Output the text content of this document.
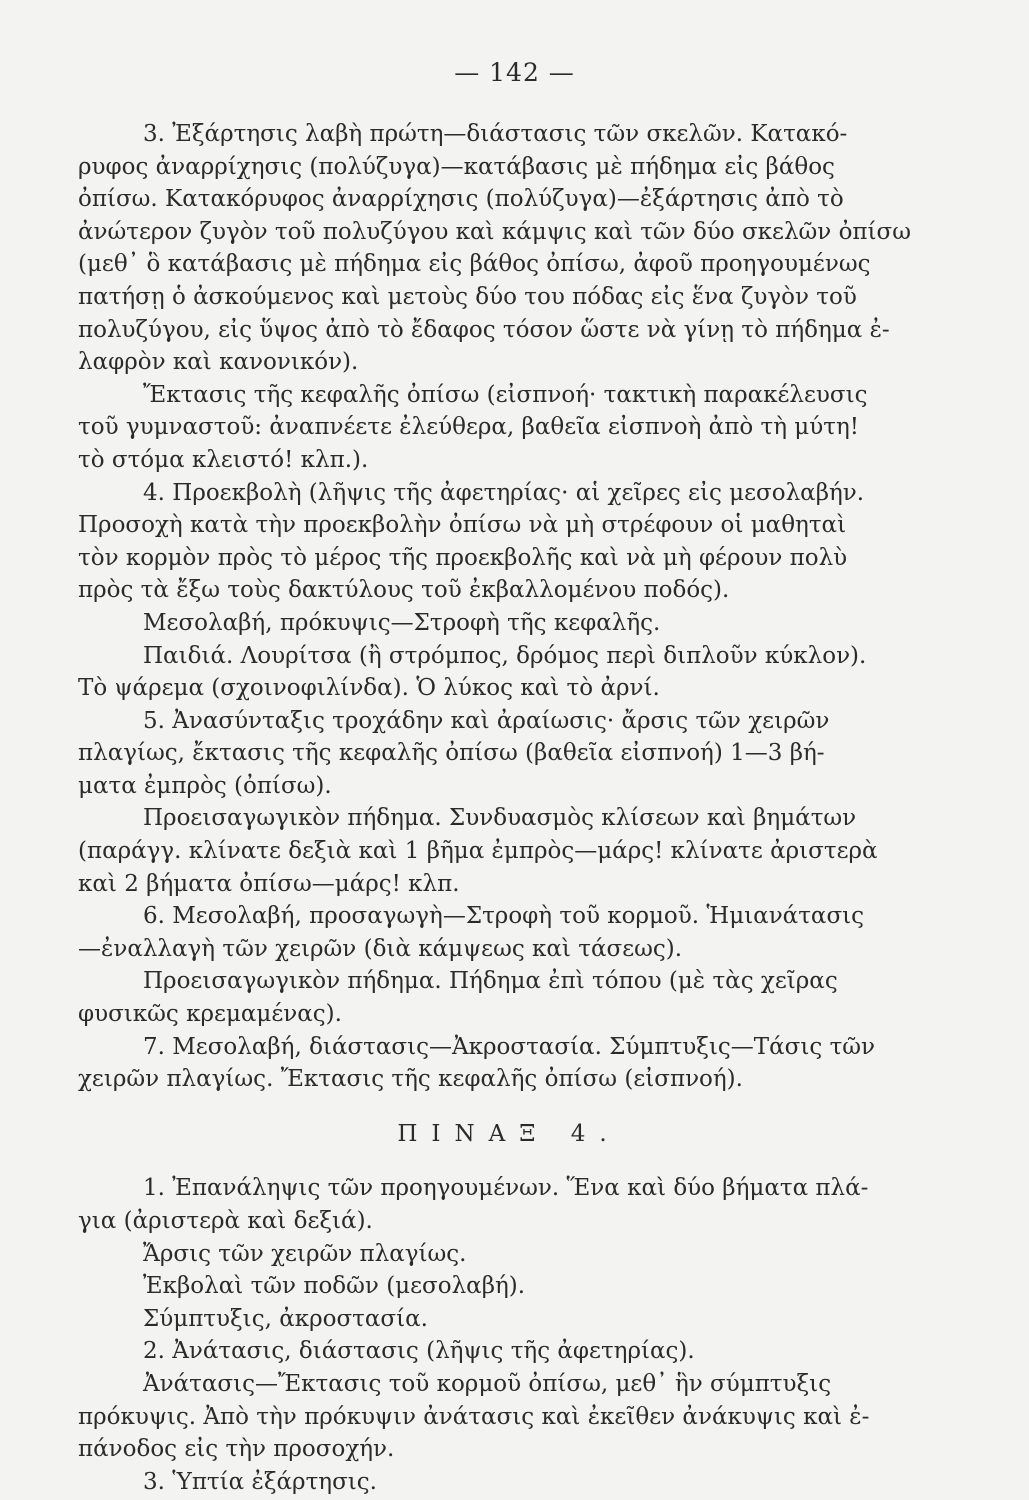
— 142 —

3. Ἐξάρτησις λαβὴ πρώτη—διάστασις τῶν σκελῶν. Κατακό-

ρυφος ἀναρρίχησις (πολύζυγα)—κατάβασις μὲ πήδημα εἰς βάθος

ὀπίσω. Κατακόρυφος ἀναρρίχησις (πολύζυγα)—ἐξάρτησις ἀπὸ τὸ

ἀνώτερον ζυγὸν τοῦ πολυζύγου καὶ κάμψις καὶ τῶν δύο σκελῶν ὀπίσω

(μεθ᾽ ὃ κατάβασις μὲ πήδημα εἰς βάθος ὀπίσω, ἀφοῦ προηγουμένως

πατήσῃ ὁ ἀσκούμενος καὶ μετοὺς δύο του πόδας εἰς ἕνα ζυγὸν τοῦ

πολυζύγου, εἰς ὕψος ἀπὸ τὸ ἔδαφος τόσον ὥστε νὰ γίνῃ τὸ πήδημα ἐ-

λαφρὸν καὶ κανονικόν).

Ἔκτασις τῆς κεφαλῆς ὀπίσω (εἰσπνοή· τακτικὴ παρακέλευσις

τοῦ γυμναστοῦ: ἀναπνέετε ἐλεύθερα, βαθεῖα εἰσπνοὴ ἀπὸ τὴ μύτη!

τὸ στόμα κλειστό! κλπ.).

4. Προεκβολὴ (λῆψις τῆς ἀφετηρίας· αἱ χεῖρες εἰς μεσολαβήν.

Προσοχὴ κατὰ τὴν προεκβολὴν ὀπίσω νὰ μὴ στρέφουν οἱ μαθηταὶ

τὸν κορμὸν πρὸς τὸ μέρος τῆς προεκβολῆς καὶ νὰ μὴ φέρουν πολὺ

πρὸς τὰ ἔξω τοὺς δακτύλους τοῦ ἐκβαλλομένου ποδός).

Μεσολαβή, πρόκυψις—Στροφὴ τῆς κεφαλῆς.

Παιδιά. Λουρίτσα (ἢ στρόμπος, δρόμος περὶ διπλοῦν κύκλον).

Τὸ ψάρεμα (σχοινοφιλίνδα). Ὁ λύκος καὶ τὸ ἀρνί.

5. Ἀνασύνταξις τροχάδην καὶ ἀραίωσις· ἄρσις τῶν χειρῶν

πλαγίως, ἔκτασις τῆς κεφαλῆς ὀπίσω (βαθεῖα εἰσπνοή) 1—3 βή-

ματα ἐμπρὸς (ὀπίσω).

Προεισαγωγικὸν πήδημα. Συνδυασμὸς κλίσεων καὶ βημάτων

(παράγγ. κλίνατε δεξιὰ καὶ 1 βῆμα ἐμπρὸς—μάρς! κλίνατε ἀριστερὰ

καὶ 2 βήματα ὀπίσω—μάρς! κλπ.

6. Μεσολαβή, προσαγωγὴ—Στροφὴ τοῦ κορμοῦ. Ἡμιανάτασις

—ἐναλλαγὴ τῶν χειρῶν (διὰ κάμψεως καὶ τάσεως).

Προεισαγωγικὸν πήδημα. Πήδημα ἐπὶ τόπου (μὲ τὰς χεῖρας

φυσικῶς κρεμαμένας).

7. Μεσολαβή, διάστασις—Ἀκροστασία. Σύμπτυξις—Τάσις τῶν

χειρῶν πλαγίως. Ἔκτασις τῆς κεφαλῆς ὀπίσω (εἰσπνοή).

ΠΙΝΑΞ 4.

1. Ἐπανάληψις τῶν προηγουμένων. Ἕνα καὶ δύο βήματα πλά-

για (ἀριστερὰ καὶ δεξιά).

Ἄρσις τῶν χειρῶν πλαγίως.

Ἐκβολαὶ τῶν ποδῶν (μεσολαβή).

Σύμπτυξις, ἀκροστασία.

2. Ἀνάτασις, διάστασις (λῆψις τῆς ἀφετηρίας).

Ἀνάτασις—Ἔκτασις τοῦ κορμοῦ ὀπίσω, μεθ᾽ ἣν σύμπτυξις

πρόκυψις. Ἀπὸ τὴν πρόκυψιν ἀνάτασις καὶ ἐκεῖθεν ἀνάκυψις καὶ ἐ-

πάνοδος εἰς τὴν προσοχήν.

3. Ὑπτία ἐξάρτησις.
